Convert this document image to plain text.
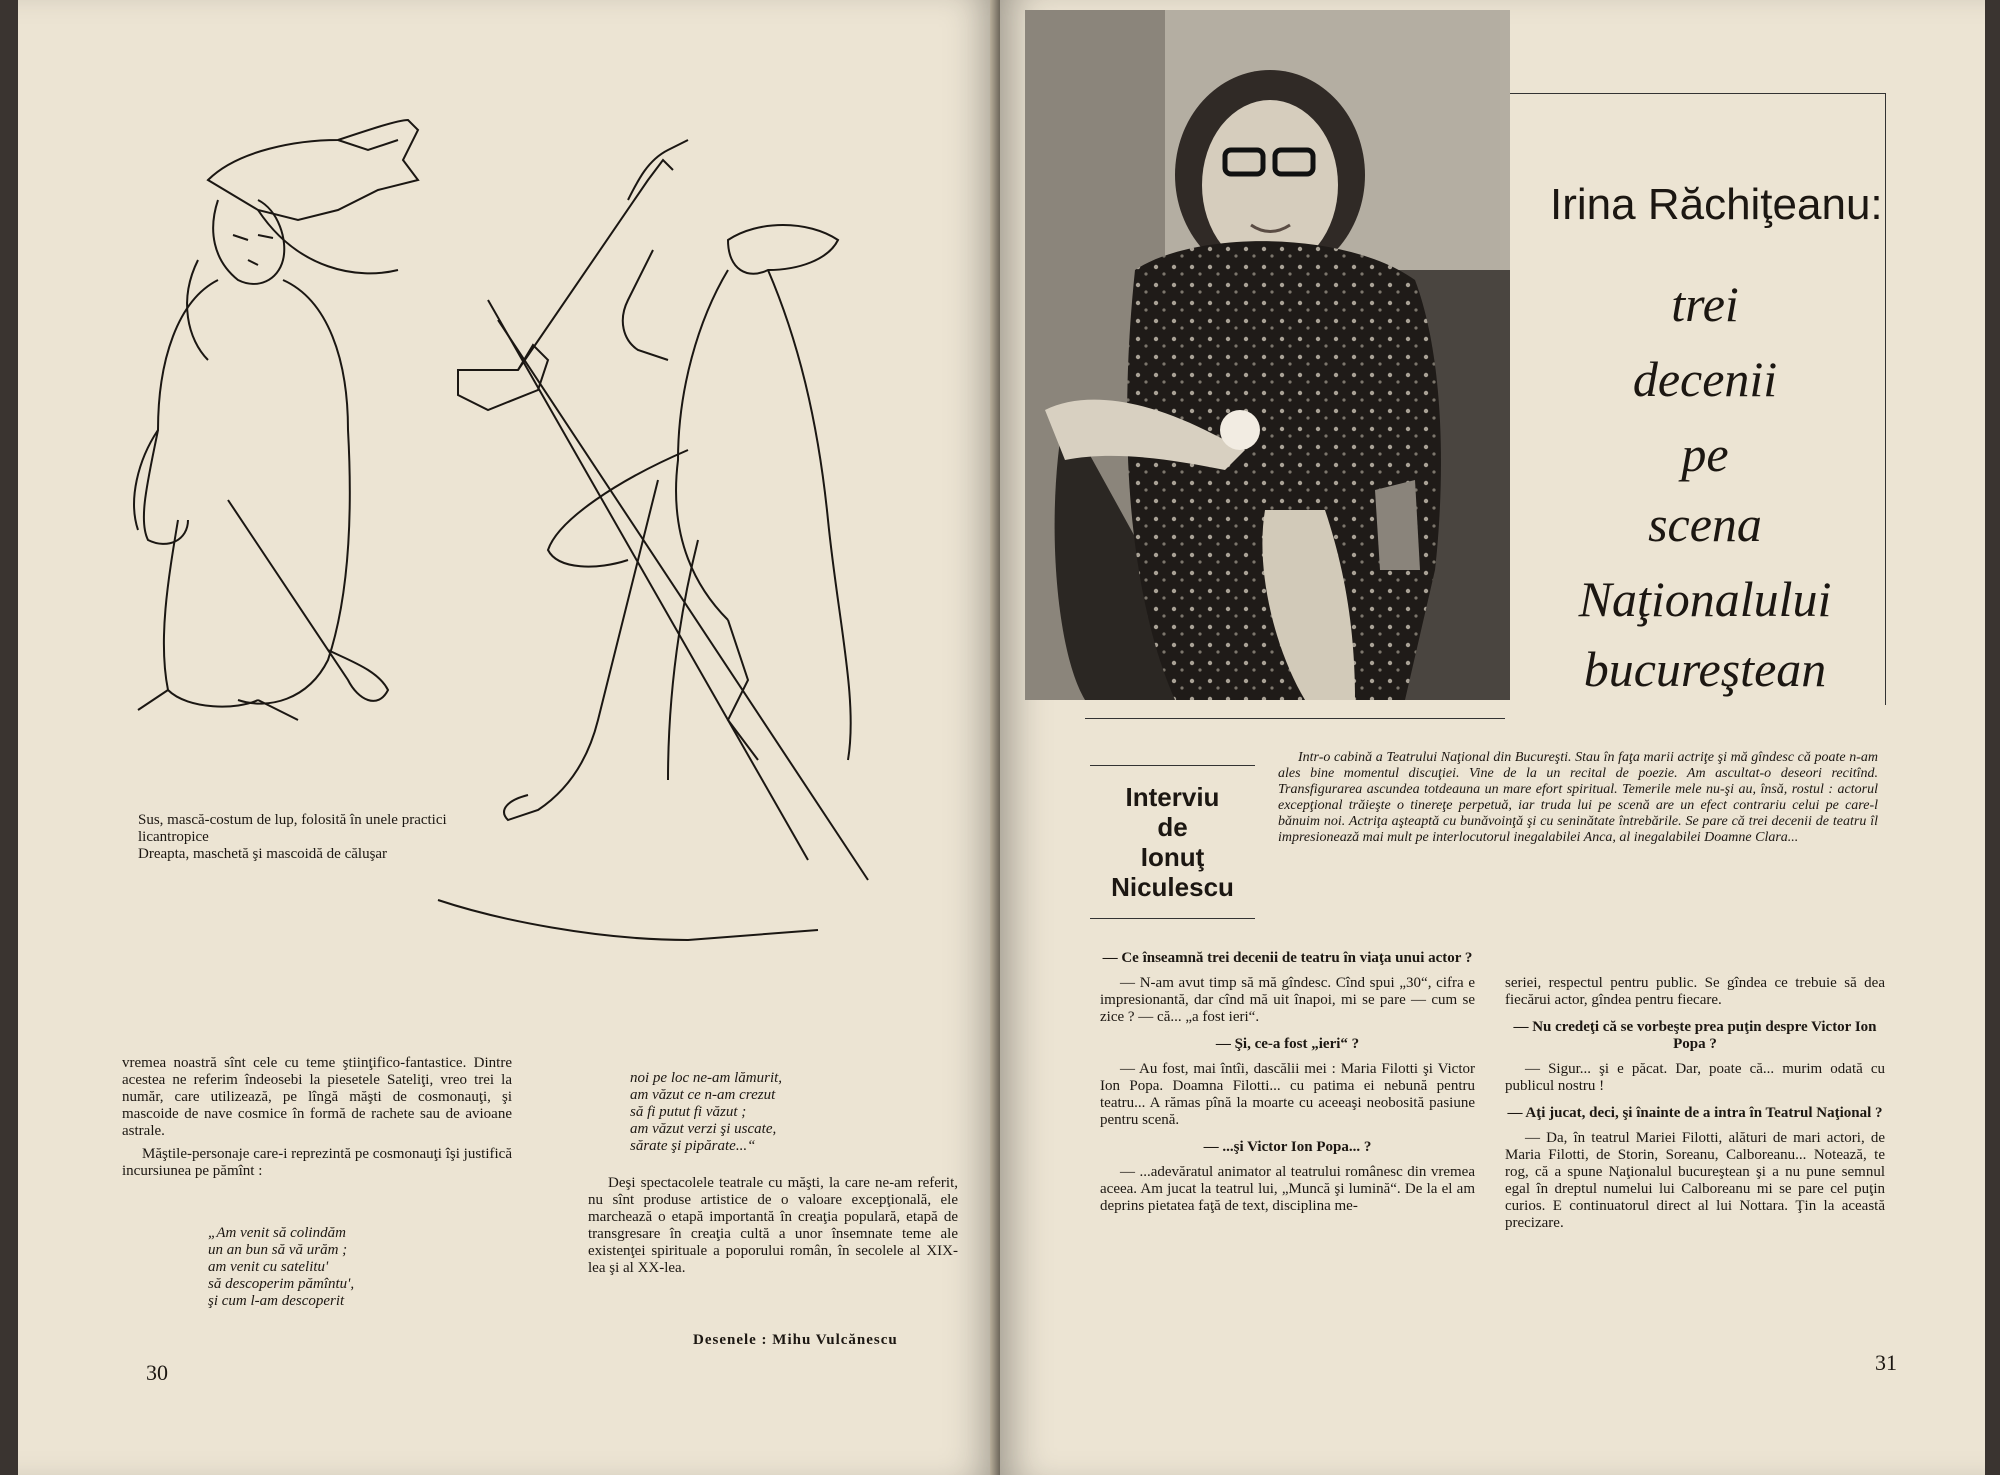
Sus, mască-costum de lup, folosită în unele practici licantropice
Dreapta, maschetă şi mascoidă de căluşar

vremea noastră sînt cele cu teme ştiinţifico-fantastice. Dintre acestea ne referim îndeosebi la piesetele Sateliţi, vreo trei la număr, care utilizează, pe lîngă măşti de cosmonauţi, şi mascoide de nave cosmice în formă de rachete sau de avioane astrale.

Măştile-personaje care-i reprezintă pe cosmonauţi îşi justifică incursiunea pe pămînt :

„Am venit să colindăm
un an bun să vă urăm ;
am venit cu satelitu'
să descoperim pămîntu',
şi cum l-am descoperit
noi pe loc ne-am lămurit,
am văzut ce n-am crezut
să fi putut fi văzut ;
am văzut verzi şi uscate,
sărate şi pipărate...“
Deşi spectacolele teatrale cu măşti, la care ne-am referit, nu sînt produse artistice de o valoare excepţională, ele marchează o etapă importantă în creaţia populară, etapă de transgresare în creaţia cultă a unor însemnate teme ale existenţei spirituale a poporului român, în secolele al XIX-lea şi al XX-lea.
Desenele : Mihu Vulcănescu
30
Irina Răchiţeanu:
trei
decenii
pe
scena
Naţionalului
bucureştean
Interviu
de
Ionuţ
Niculescu
Intr-o cabină a Teatrului Naţional din Bucureşti. Stau în faţa marii actriţe şi mă gîndesc că poate n-am ales bine momentul discuţiei. Vine de la un recital de poezie. Am ascultat-o deseori recitînd. Transfigurarea ascundea totdeauna un mare efort spiritual. Temerile mele nu-şi au, însă, rostul : actorul excepţional trăieşte o tinereţe perpetuă, iar truda lui pe scenă are un efect contrariu celui pe care-l bănuim noi. Actriţa aşteaptă cu bunăvoinţă şi cu seninătate întrebările. Se pare că trei decenii de teatru îl impresionează mai mult pe interlocutorul inegalabilei Anca, al inegalabilei Doamne Clara...
— Ce înseamnă trei decenii de teatru în viaţa unui actor ?

— N-am avut timp să mă gîndesc. Cînd spui „30“, cifra e impresionantă, dar cînd mă uit înapoi, mi se pare — cum se zice ? — că... „a fost ieri“.

— Şi, ce-a fost „ieri“ ?

— Au fost, mai întîi, dascălii mei : Maria Filotti şi Victor Ion Popa. Doamna Filotti... cu patima ei nebună pentru teatru... A rămas pînă la moarte cu aceeaşi neobosită pasiune pentru scenă.

— ...şi Victor Ion Popa... ?

— ...adevăratul animator al teatrului românesc din vremea aceea. Am jucat la teatrul lui, „Muncă şi lumină“. De la el am deprins pietatea faţă de text, disciplina me-

seriei, respectul pentru public. Se gîndea ce trebuie să dea fiecărui actor, gîndea pentru fiecare.

— Nu credeţi că se vorbeşte prea puţin despre Victor Ion Popa ?

— Sigur... şi e păcat. Dar, poate că... murim odată cu publicul nostru !

— Aţi jucat, deci, şi înainte de a intra în Teatrul Naţional ?

— Da, în teatrul Mariei Filotti, alături de mari actori, de Maria Filotti, de Storin, Soreanu, Calboreanu... Notează, te rog, că a spune Naţionalul bucureştean şi a nu pune semnul egal în dreptul numelui lui Calboreanu mi se pare cel puţin curios. E continuatorul direct al lui Nottara. Ţin la această precizare.

31
